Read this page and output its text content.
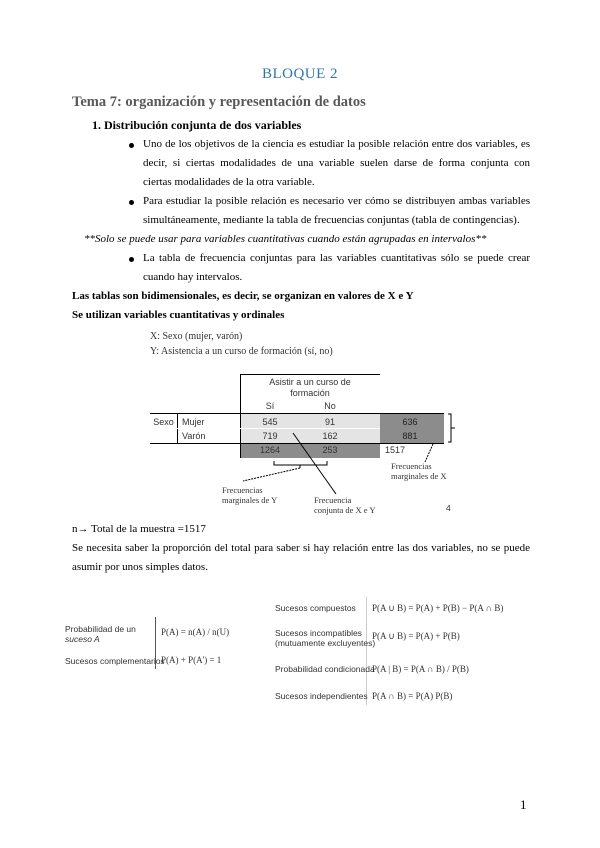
BLOQUE 2
Tema 7: organización y representación de datos
1. Distribución conjunta de dos variables
Uno de los objetivos de la ciencia es estudiar la posible relación entre dos variables, es
decir, si ciertas modalidades de una variable suelen darse de forma conjunta con
ciertas modalidades de la otra variable.
Para estudiar la posible relación es necesario ver cómo se distribuyen ambas variables
simultáneamente, mediante la tabla de frecuencias conjuntas (tabla de contingencias).
**Solo se puede usar para variables cuantitativas cuando están agrupadas en intervalos**
La tabla de frecuencia conjuntas para las variables cuantitativas sólo se puede crear
cuando hay intervalos.
Las tablas son bidimensionales, es decir, se organizan en valores de X e Y
Se utilizan variables cuantitativas y ordinales
X: Sexo (mujer, varón)
Y: Asistencia a un curso de formación (sí, no)
Asistir a un curso de
formación
Sí	No
Sexo Mujer	545	91	636
Varón	719	162	881
1264	253	1517
Frecuencias
marginales de X
Frecuencias
marginales de Y	Frecuencia
conjunta de X e Y	4
n→ Total de la muestra =1517
Se necesita saber la proporción del total para saber si hay relación entre las dos variables, no se puede
asumir por unos simples datos.
Probabilidad de un
suceso A
P(A) = n(A) / n(U)
Sucesos complementarios
P(A) + P(A') = 1
Sucesos compuestos P(A ∪ B) = P(A) + P(B) − P(A ∩ B)
Sucesos incompatibles
(mutuamente excluyentes)
P(A ∪ B) = P(A) + P(B)
Probabilidad condicionada
P(A | B) = P(A ∩ B) / P(B)
Sucesos independientes P(A ∩ B) = P(A) P(B)
1
